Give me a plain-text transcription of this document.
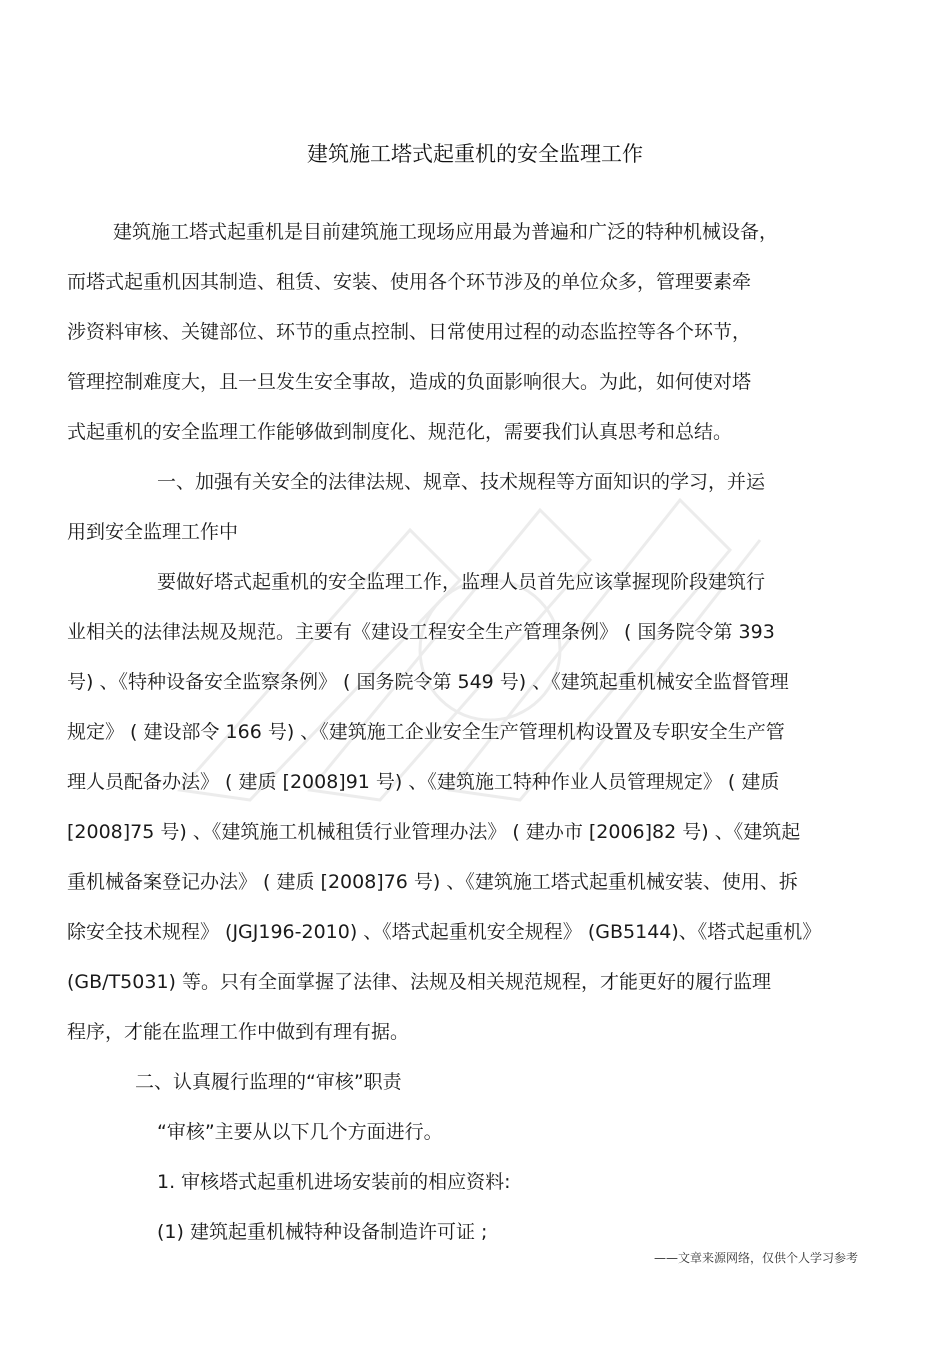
建筑施工塔式起重机的安全监理工作
建筑施工塔式起重机是目前建筑施工现场应用最为普遍和广泛的特种机械设备，
而塔式起重机因其制造、租赁、安装、使用各个环节涉及的单位众多，管理要素牵
涉资料审核、关键部位、环节的重点控制、日常使用过程的动态监控等各个环节，
管理控制难度大，且一旦发生安全事故，造成的负面影响很大。为此，如何使对塔
式起重机的安全监理工作能够做到制度化、规范化，需要我们认真思考和总结。
一、加强有关安全的法律法规、规章、技术规程等方面知识的学习，并运
用到安全监理工作中
要做好塔式起重机的安全监理工作，监理人员首先应该掌握现阶段建筑行
业相关的法律法规及规范。主要有《建设工程安全生产管理条例》 ( 国务院令第 393
号) 、《特种设备安全监察条例》 ( 国务院令第 549 号) 、《建筑起重机械安全监督管理
规定》 ( 建设部令 166 号) 、《建筑施工企业安全生产管理机构设置及专职安全生产管
理人员配备办法》 ( 建质 [2008]91 号) 、《建筑施工特种作业人员管理规定》 ( 建质
[2008]75 号) 、《建筑施工机械租赁行业管理办法》 ( 建办市 [2006]82 号) 、《建筑起
重机械备案登记办法》 ( 建质 [2008]76 号) 、《建筑施工塔式起重机械安装、使用、拆
除安全技术规程》 (JGJ196-2010) 、《塔式起重机安全规程》 (GB5144)、《塔式起重机》
(GB/T5031) 等。只有全面掌握了法律、法规及相关规范规程，才能更好的履行监理
程序，才能在监理工作中做到有理有据。
二、认真履行监理的“审核”职责
“审核”主要从以下几个方面进行。
1. 审核塔式起重机进场安装前的相应资料:
(1) 建筑起重机械特种设备制造许可证 ;
——文章来源网络，仅供个人学习参考
